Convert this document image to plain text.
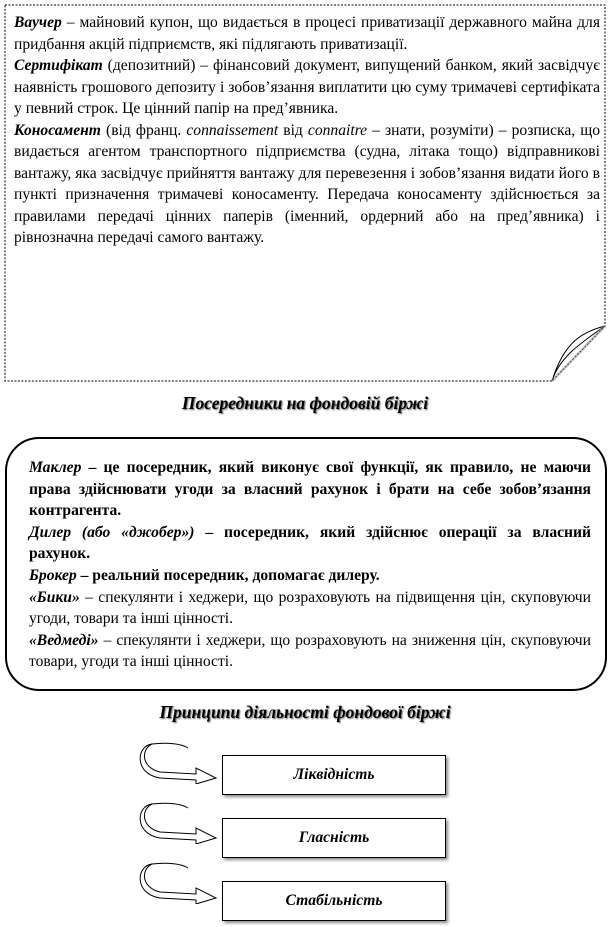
Ваучер – майновий купон, що видається в процесі приватизації державного майна для придбання акцій підприємств, які підлягають приватизації.

Сертифікат (депозитний) – фінансовий документ, випущений банком, який засвідчує наявність грошового депозиту і зобов’язання виплатити цю суму тримачеві сертифіката у певний строк. Це цінний папір на пред’явника.

Коносамент (від франц. connaissement від connaitre – знати, розуміти) – розписка, що видається агентом транспортного підприємства (судна, літака тощо) відправникові вантажу, яка засвідчує прийняття вантажу для перевезення і зобов’язання видати його в пункті призначення тримачеві коносаменту. Передача коносаменту здійснюється за правилами передачі цінних паперів (іменний, ордерний або на пред’явника) і рівнозначна передачі самого вантажу.

Посередники на фондовій біржі

Маклер – це посередник, який виконує свої функції, як правило, не маючи права здійснювати угоди за власний рахунок і брати на себе зобов’язання контрагента.

Дилер (або «джобер») – посередник, який здійснює операції за власний рахунок.

Брокер – реальний посередник, допомагає дилеру.

«Бики» – спекулянти і хеджери, що розраховують на підвищення цін, скуповуючи угоди, товари та інші цінності.

«Ведмеді» – спекулянти і хеджери, що розраховують на зниження цін, скуповуючи товари, угоди та інші цінності.

Принципи діяльності фондової біржі
Ліквідність
Гласність
Стабільність
